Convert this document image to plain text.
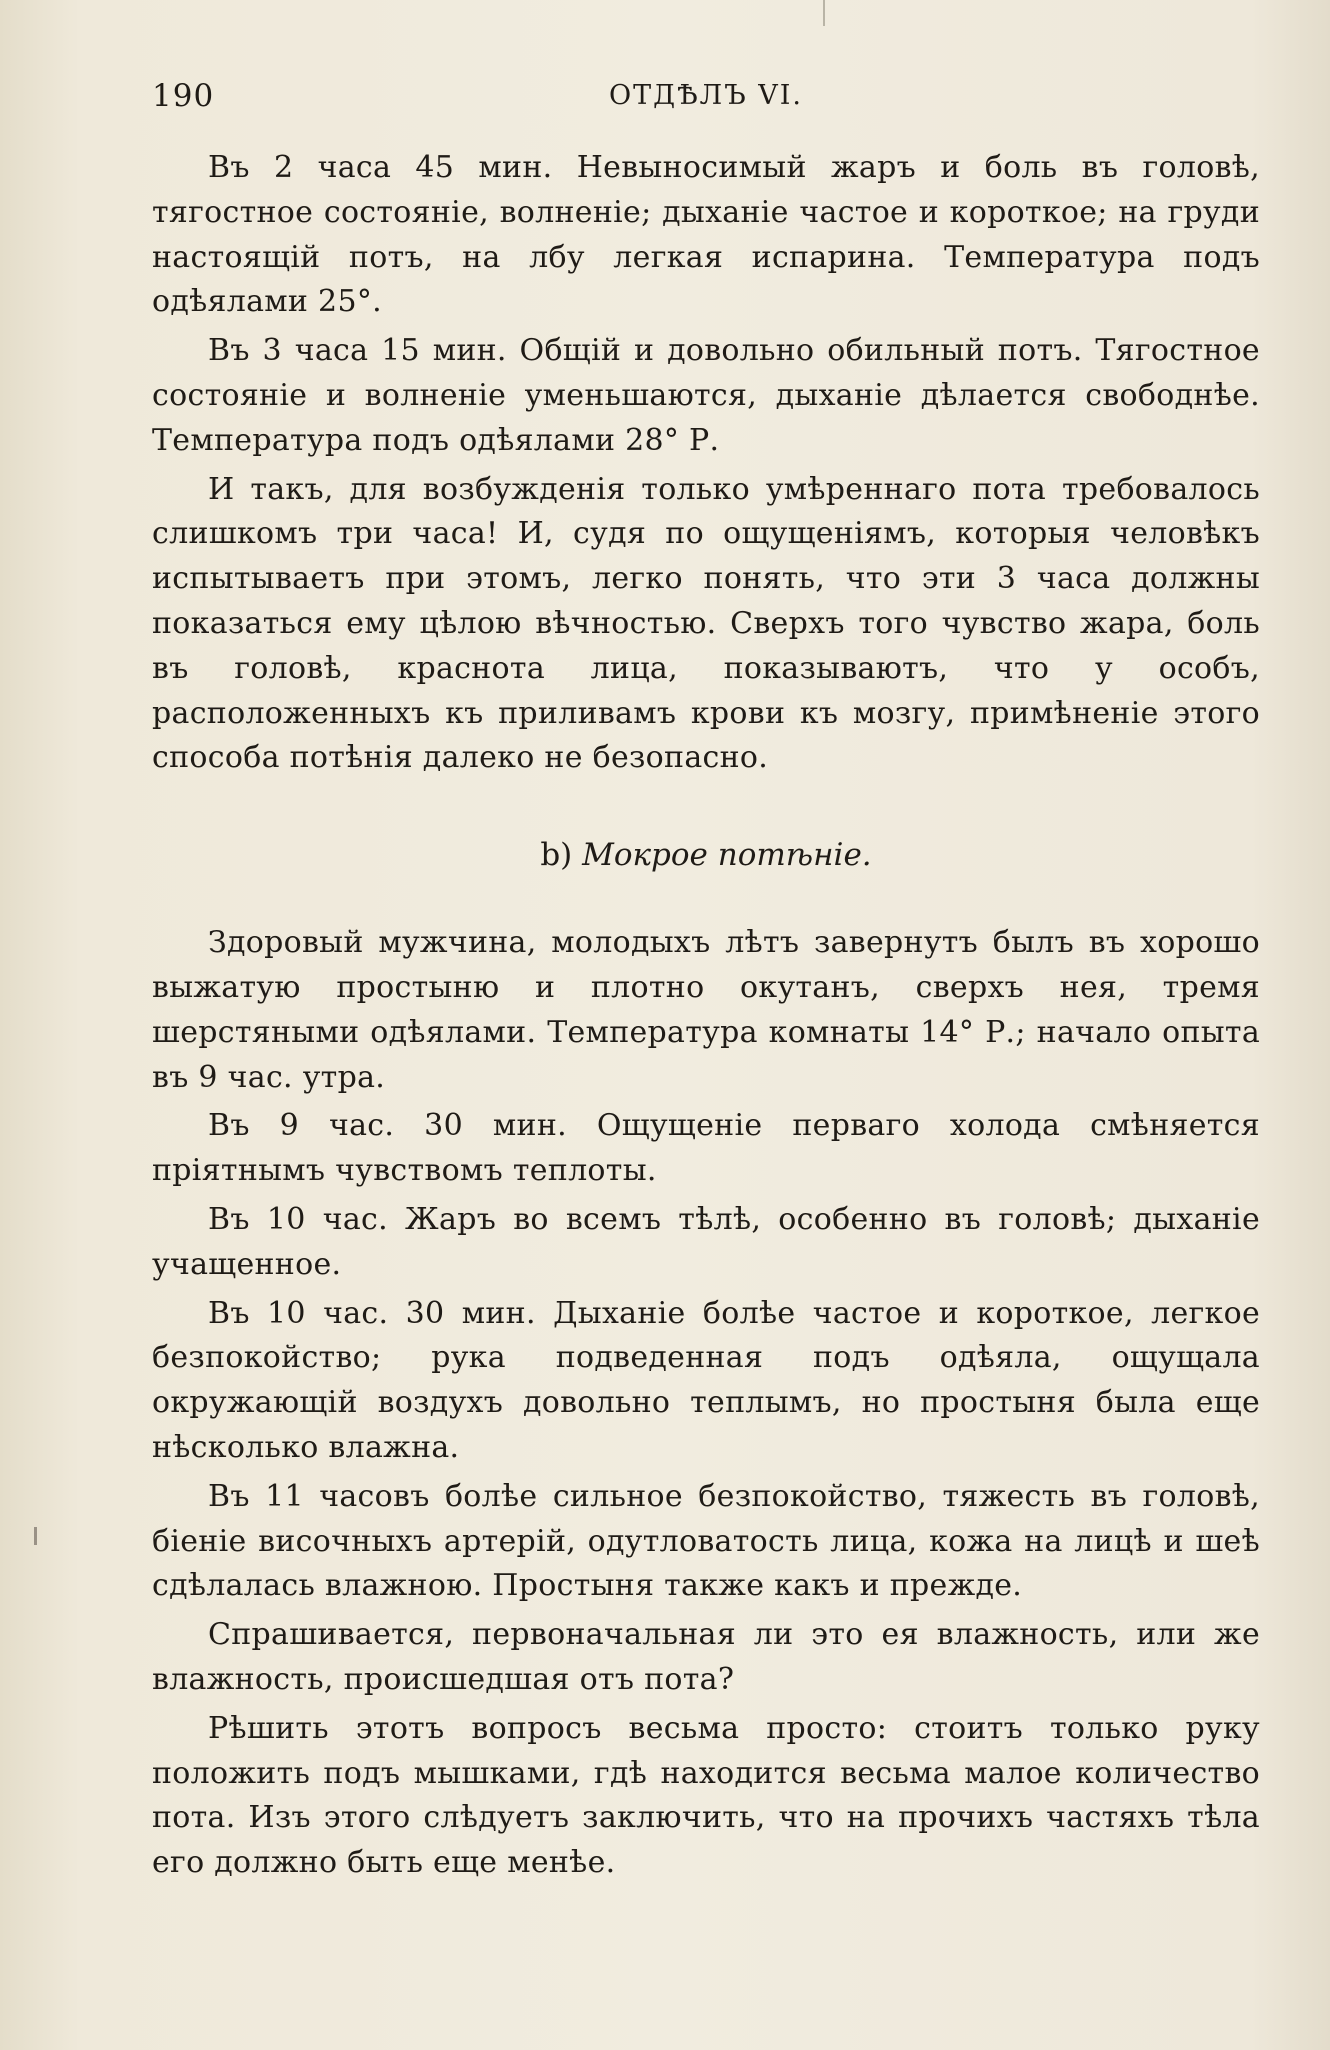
190	ОТДѢЛЪ VI.

Въ 2 часа 45 мин. Невыносимый жаръ и боль въ головѣ, тягостное состояніе, волненіе; дыханіе частое и короткое; на груди настоящій потъ, на лбу легкая испарина. Температура подъ одѣялами 25°.

Въ 3 часа 15 мин. Общій и довольно обильный потъ. Тягостное состояніе и волненіе уменьшаются, дыханіе дѣлается свободнѣе. Температура подъ одѣялами 28° Р.

И такъ, для возбужденія только умѣреннаго пота требовалось слишкомъ три часа! И, судя по ощущеніямъ, которыя человѣкъ испытываетъ при этомъ, легко понять, что эти 3 часа должны показаться ему цѣлою вѣчностью. Сверхъ того чувство жара, боль въ головѣ, краснота лица, показываютъ, что у особъ, расположенныхъ къ приливамъ крови къ мозгу, примѣненіе этого способа потѣнія далеко не безопасно.

b) Мокрое потѣніе.

Здоровый мужчина, молодыхъ лѣтъ завернутъ былъ въ хорошо выжатую простыню и плотно окутанъ, сверхъ нея, тремя шерстяными одѣялами. Температура комнаты 14° Р.; начало опыта въ 9 час. утра.

Въ 9 час. 30 мин. Ощущеніе перваго холода смѣняется пріятнымъ чувствомъ теплоты.

Въ 10 час. Жаръ во всемъ тѣлѣ, особенно въ головѣ; дыханіе учащенное.

Въ 10 час. 30 мин. Дыханіе болѣе частое и короткое, легкое безпокойство; рука подведенная подъ одѣяла, ощущала окружающій воздухъ довольно теплымъ, но простыня была еще нѣсколько влажна.

Въ 11 часовъ болѣе сильное безпокойство, тяжесть въ головѣ, біеніе височныхъ артерій, одутловатость лица, кожа на лицѣ и шеѣ сдѣлалась влажною. Простыня также какъ и прежде.

Спрашивается, первоначальная ли это ея влажность, или же влажность, происшедшая отъ пота?

Рѣшить этотъ вопросъ весьма просто: стоитъ только руку положить подъ мышками, гдѣ находится весьма малое количество пота. Изъ этого слѣдуетъ заключить, что на прочихъ частяхъ тѣла его должно быть еще менѣе.
